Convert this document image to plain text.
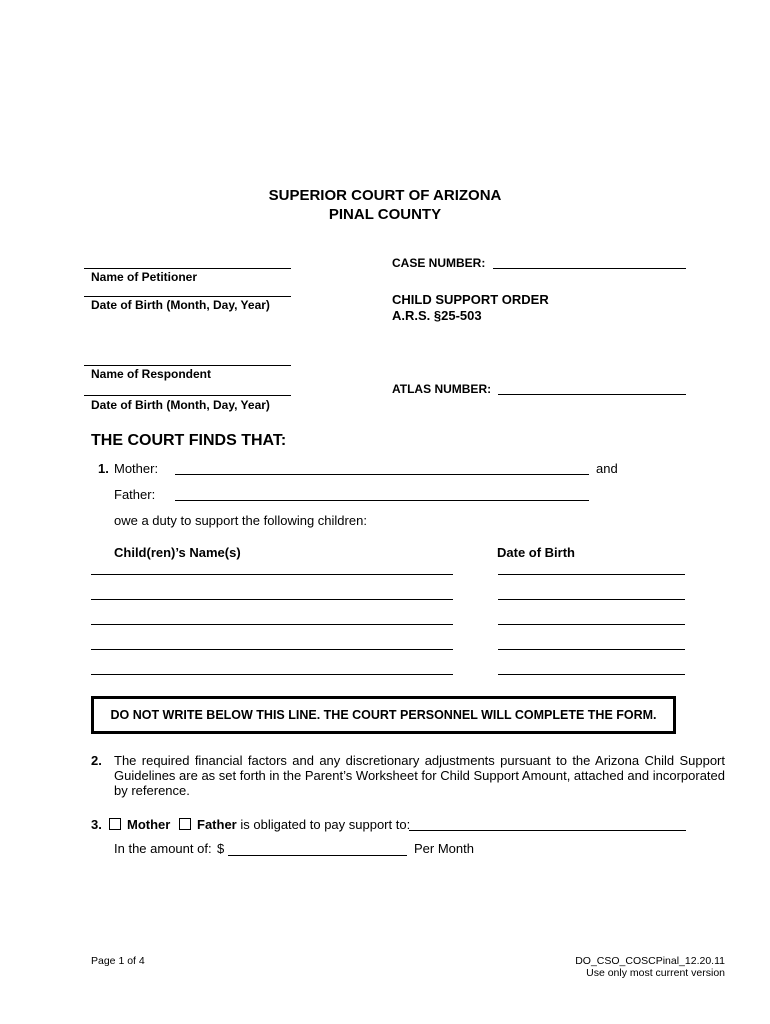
SUPERIOR COURT OF ARIZONA
PINAL COUNTY
Name of Petitioner
Date of Birth (Month, Day, Year)
Name of Respondent
Date of Birth (Month, Day, Year)
CASE NUMBER:
CHILD SUPPORT ORDER
A.R.S. §25-503
ATLAS NUMBER:
THE COURT FINDS THAT:
1. Mother:	and
Father:
owe a duty to support the following children:
Child(ren)’s Name(s)	Date of Birth
DO NOT WRITE BELOW THIS LINE. THE COURT PERSONNEL WILL COMPLETE THE FORM.
2. The required financial factors and any discretionary adjustments pursuant to the Arizona Child Support Guidelines are as set forth in the Parent’s Worksheet for Child Support Amount, attached and incorporated by reference.
3. Mother Father is obligated to pay support to:
In the amount of: $	Per Month
Page 1 of 4	DO_CSO_COSCPinal_12.20.11
Use only most current version
